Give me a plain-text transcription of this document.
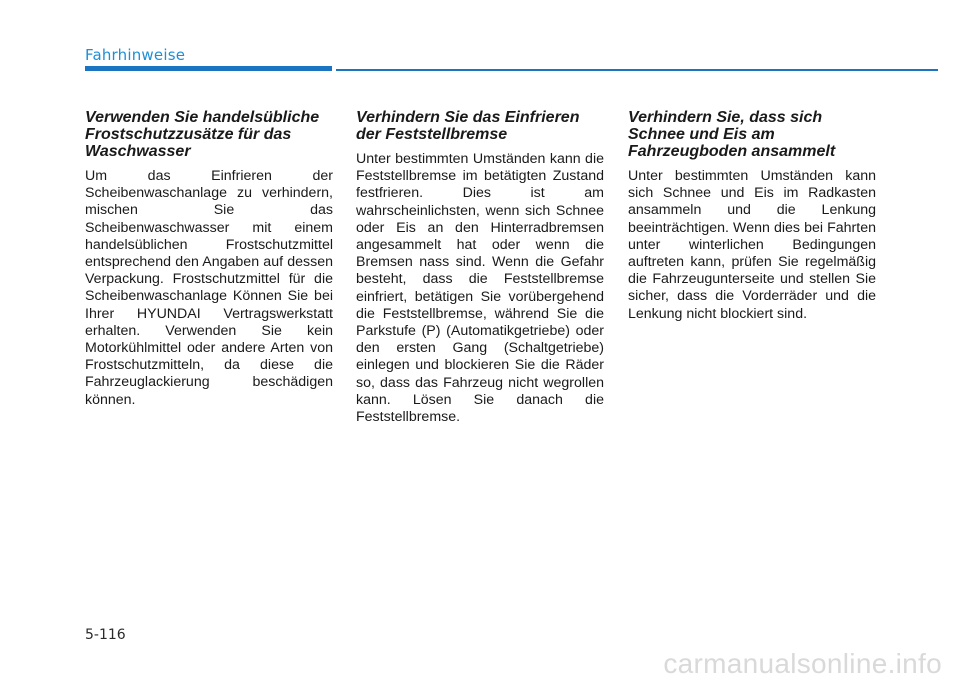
Fahrhinweise
Verwenden Sie handelsübliche Frostschutzzusätze für das Waschwasser

Um das Einfrieren der Scheibenwaschanlage zu verhindern, mischen Sie das Scheibenwaschwasser mit einem handelsüblichen Frostschutzmittel entsprechend den Angaben auf dessen Verpackung. Frostschutzmittel für die Scheibenwaschanlage Können Sie bei Ihrer HYUNDAI Vertragswerkstatt erhalten. Verwenden Sie kein Motorkühlmittel oder andere Arten von Frostschutzmitteln, da diese die Fahrzeuglackierung beschädigen können.

Verhindern Sie das Einfrieren der Feststellbremse

Unter bestimmten Umständen kann die Feststellbremse im betätigten Zustand festfrieren. Dies ist am wahrscheinlichsten, wenn sich Schnee oder Eis an den Hinterradbremsen angesammelt hat oder wenn die Bremsen nass sind. Wenn die Gefahr besteht, dass die Feststellbremse einfriert, betätigen Sie vorübergehend die Feststellbremse, während Sie die Parkstufe (P) (Automatikgetriebe) oder den ersten Gang (Schaltgetriebe) einlegen und blockieren Sie die Räder so, dass das Fahrzeug nicht wegrollen kann. Lösen Sie danach die Feststellbremse.

Verhindern Sie, dass sich Schnee und Eis am Fahrzeugboden ansammelt

Unter bestimmten Umständen kann sich Schnee und Eis im Radkasten ansammeln und die Lenkung beeinträchtigen. Wenn dies bei Fahrten unter winterlichen Bedingungen auftreten kann, prüfen Sie regelmäßig die Fahrzeugunterseite und stellen Sie sicher, dass die Vorderräder und die Lenkung nicht blockiert sind.

5-116
carmanualsonline.info
